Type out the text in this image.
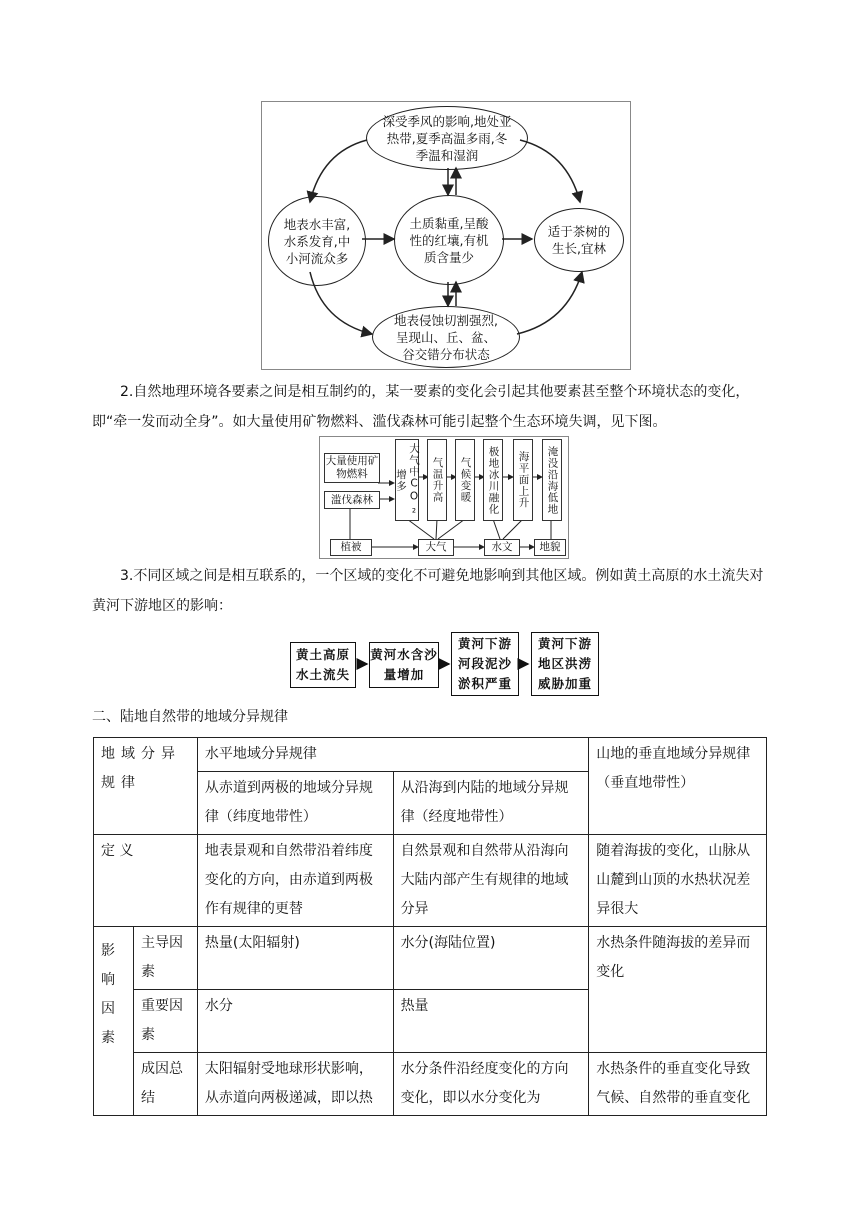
深受季风的影响,地处亚热带,夏季高温多雨,冬季温和湿润
地表水丰富,水系发育,中小河流众多
土质黏重,呈酸性的红壤,有机质含量少
适于茶树的生长,宜林
地表侵蚀切割强烈,呈现山、丘、盆、谷交错分布状态
2.自然地理环境各要素之间是相互制约的，某一要素的变化会引起其他要素甚至整个环境状态的变化，即“牵一发而动全身”。如大量使用矿物燃料、滥伐森林可能引起整个生态环境失调，见下图。
大量使用矿物燃料
滥伐森林	大气中CO₂增多	气温升高 气候变暖 极地冰川融化 海平面上升 淹没沿海低地
植被	大气	水文	地貌
3.不同区域之间是相互联系的，一个区域的变化不可避免地影响到其他区域。例如黄土高原的水土流失对黄河下游地区的影响：
黄土高原水土流失
黄河水含沙量增加
黄河下游河段泥沙淤积严重
黄河下游地区洪涝威胁加重
二、陆地自然带的地域分异规律
地域分异规律		水平地域分异规律		山地的垂直地域分异规律（垂直地带性）
		从赤道到两极的地域分异规律（纬度地带性）	从沿海到内陆的地域分异规律（经度地带性）	
定 义		地表景观和自然带沿着纬度变化的方向，由赤道到两极作有规律的更替	自然景观和自然带从沿海向大陆内部产生有规律的地域分异	随着海拔的变化，山脉从山麓到山顶的水热状况差异很大
影响因素	主导因素	热量(太阳辐射)	水分(海陆位置)	水热条件随海拔的差异而变化
	重要因素	水分	热量	
	成因总结	太阳辐射受地球形状影响，从赤道向两极递减，即以热	水分条件沿经度变化的方向变化，即以水分变化为	水热条件的垂直变化导致气候、自然带的垂直变化
